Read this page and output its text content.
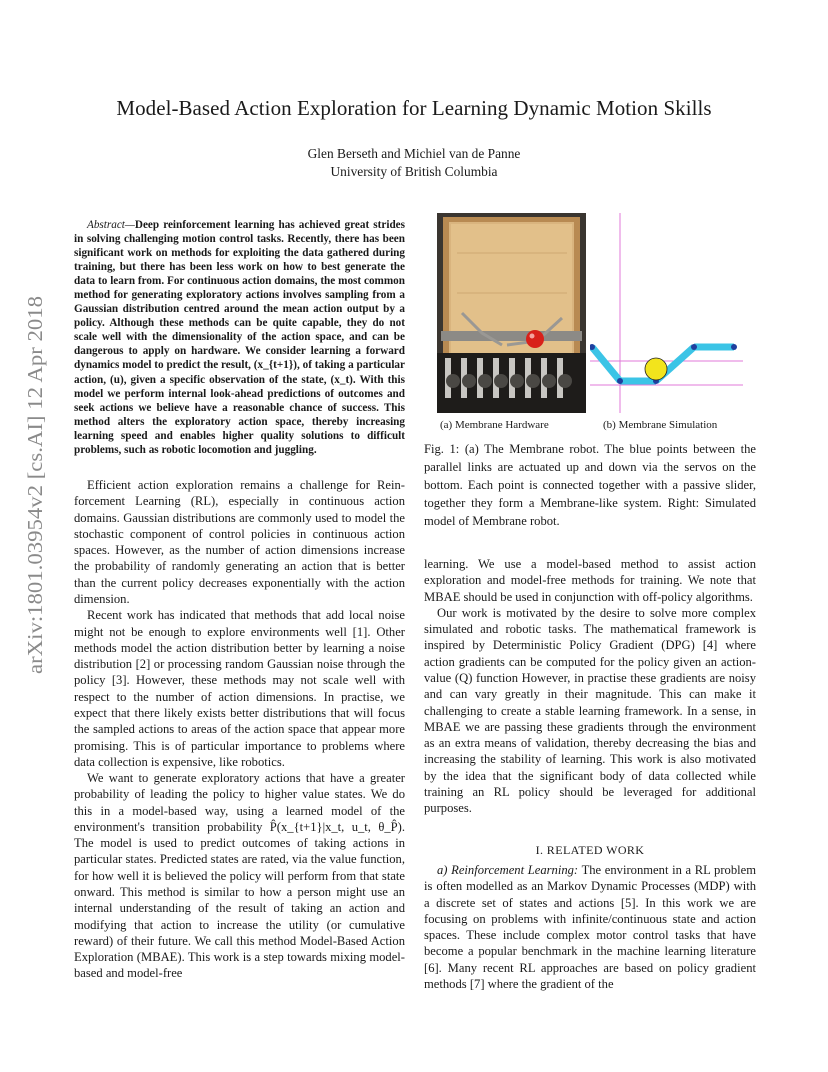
Model-Based Action Exploration for Learning Dynamic Motion Skills
Glen Berseth and Michiel van de Panne
University of British Columbia
arXiv:1801.03954v2 [cs.AI] 12 Apr 2018

Abstract—Deep reinforcement learning has achieved great strides in solving challenging motion control tasks. Recently, there has been significant work on methods for exploiting the data gathered during training, but there has been less work on how to best generate the data to learn from. For continuous action domains, the most common method for generating exploratory actions involves sampling from a Gaussian distribution centred around the mean action output by a policy. Although these methods can be quite capable, they do not scale well with the dimensionality of the action space, and can be dangerous to apply on hardware. We consider learning a forward dynamics model to predict the result, (x_{t+1}), of taking a particular action, (u), given a specific observation of the state, (x_t). With this model we perform internal look-ahead predictions of outcomes and seek actions we believe have a reasonable chance of success. This method alters the exploratory action space, thereby increasing learning speed and enables higher quality solutions to difficult problems, such as robotic locomotion and juggling.

Efficient action exploration remains a challenge for Reinforcement Learning (RL), especially in continuous action domains. Gaussian distributions are commonly used to model the stochastic component of control policies in continuous action spaces. However, as the number of action dimensions increase the probability of randomly generating an action that is better than the current policy decreases exponentially with the action dimension.

Recent work has indicated that methods that add local noise might not be enough to explore environments well [1]. Other methods model the action distribution better by learning a noise distribution [2] or processing random Gaussian noise through the policy [3]. However, these methods may not scale well with respect to the number of action dimensions. In practise, we expect that there likely exists better distributions that will focus the sampled actions to areas of the action space that appear more promising. This is of particular importance to problems where data collection is expensive, like robotics.

We want to generate exploratory actions that have a greater probability of leading the policy to higher value states. We do this in a model-based way, using a learned model of the environment's transition probability P̂(x_{t+1}|x_t, u_t, θ_P̂). The model is used to predict outcomes of taking actions in particular states. Predicted states are rated, via the value function, for how well it is believed the policy will perform from that state onward. This method is similar to how a person might use an internal understanding of the result of taking an action and modifying that action to increase the utility (or cumulative reward) of their future. We call this method Model-Based Action Exploration (MBAE). This work is a step towards mixing model-based and model-free

(a) Membrane Hardware	(b) Membrane Simulation
Fig. 1: (a) The Membrane robot. The blue points between the parallel links are actuated up and down via the servos on the bottom. Each point is connected together with a passive slider, together they form a Membrane-like system. Right: Simulated model of Membrane robot.

learning. We use a model-based method to assist action exploration and model-free methods for training. We note that MBAE should be used in conjunction with off-policy algorithms.

Our work is motivated by the desire to solve more complex simulated and robotic tasks. The mathematical framework is inspired by Deterministic Policy Gradient (DPG) [4] where action gradients can be computed for the policy given an action-value (Q) function However, in practise these gradients are noisy and can vary greatly in their magnitude. This can make it challenging to create a stable learning framework. In a sense, in MBAE we are passing these gradients through the environment as an extra means of validation, thereby decreasing the bias and increasing the stability of learning. This work is also motivated by the idea that the significant body of data collected while training an RL policy should be leveraged for additional purposes.

I. RELATED WORK

a) Reinforcement Learning: The environment in a RL problem is often modelled as an Markov Dynamic Processes (MDP) with a discrete set of states and actions [5]. In this work we are focusing on problems with infinite/continuous state and action spaces. These include complex motor control tasks that have become a popular benchmark in the machine learning literature [6]. Many recent RL approaches are based on policy gradient methods [7] where the gradient of the
